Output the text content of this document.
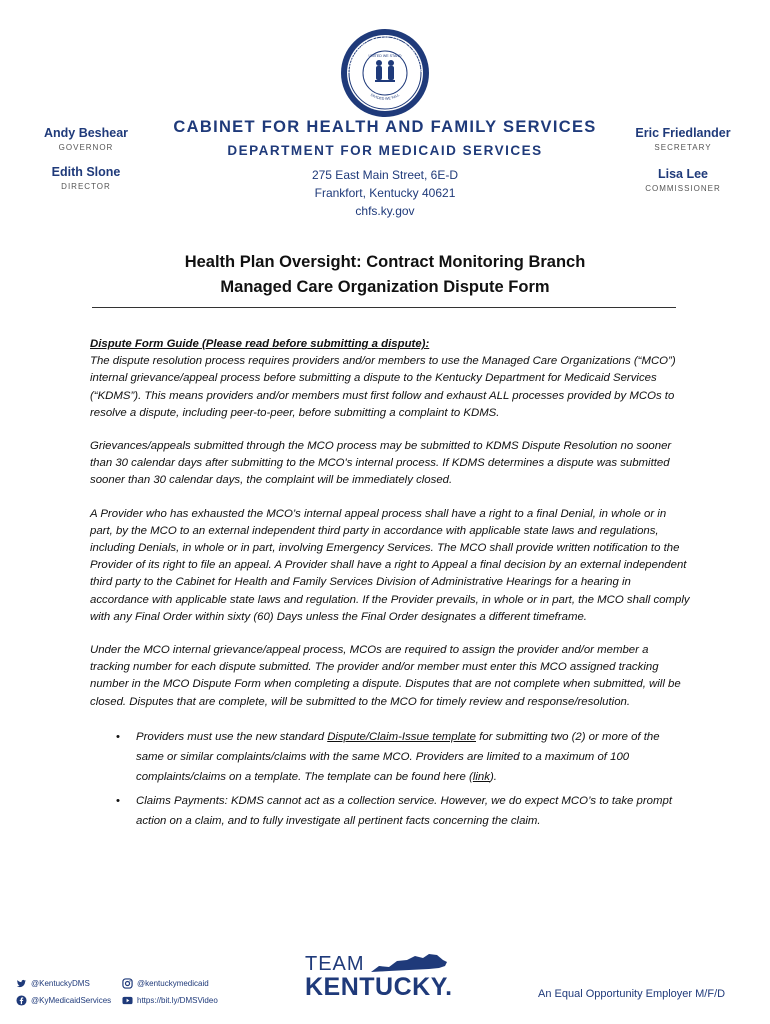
OMMONWEALTH OF KENTUCK
UNITED WE STAND
DIVIDED WE FALL
Andy Beshear
GOVERNOR
Edith Slone
DIRECTOR
Eric Friedlander
SECRETARY
Lisa Lee
COMMISSIONER
CABINET FOR HEALTH AND FAMILY SERVICES
DEPARTMENT FOR MEDICAID SERVICES
275 East Main Street, 6E-D
Frankfort, Kentucky 40621
chfs.ky.gov
Health Plan Oversight: Contract Monitoring Branch
Managed Care Organization Dispute Form
Dispute Form Guide (Please read before submitting a dispute):

The dispute resolution process requires providers and/or members to use the Managed Care Organizations (“MCO”) internal grievance/appeal process before submitting a dispute to the Kentucky Department for Medicaid Services (“KDMS”). This means providers and/or members must first follow and exhaust ALL processes provided by MCOs to resolve a dispute, including peer-to-peer, before submitting a complaint to KDMS.

Grievances/appeals submitted through the MCO process may be submitted to KDMS Dispute Resolution no sooner than 30 calendar days after submitting to the MCO's internal process. If KDMS determines a dispute was submitted sooner than 30 calendar days, the complaint will be immediately closed.

A Provider who has exhausted the MCO’s internal appeal process shall have a right to a final Denial, in whole or in part, by the MCO to an external independent third party in accordance with applicable state laws and regulations, including Denials, in whole or in part, involving Emergency Services. The MCO shall provide written notification to the Provider of its right to file an appeal. A Provider shall have a right to Appeal a final decision by an external independent third party to the Cabinet for Health and Family Services Division of Administrative Hearings for a hearing in accordance with applicable state laws and regulation. If the Provider prevails, in whole or in part, the MCO shall comply with any Final Order within sixty (60) Days unless the Final Order designates a different timeframe.

Under the MCO internal grievance/appeal process, MCOs are required to assign the provider and/or member a tracking number for each dispute submitted. The provider and/or member must enter this MCO assigned tracking number in the MCO Dispute Form when completing a dispute. Disputes that are not complete when submitted, will be closed. Disputes that are complete, will be submitted to the MCO for timely review and response/resolution.

• Providers must use the new standard Dispute/Claim-Issue template for submitting two (2) or more of the same or similar complaints/claims with the same MCO. Providers are limited to a maximum of 100 complaints/claims on a template. The template can be found here (link).
• Claims Payments: KDMS cannot act as a collection service. However, we do expect MCO’s to take prompt action on a claim, and to fully investigate all pertinent facts concerning the claim.
@KentuckyDMS
@KyMedicaidServices
@kentuckymedicaid
https://bit.ly/DMSVideo
TEAM
KENTUCKY.	An Equal Opportunity Employer M/F/D
